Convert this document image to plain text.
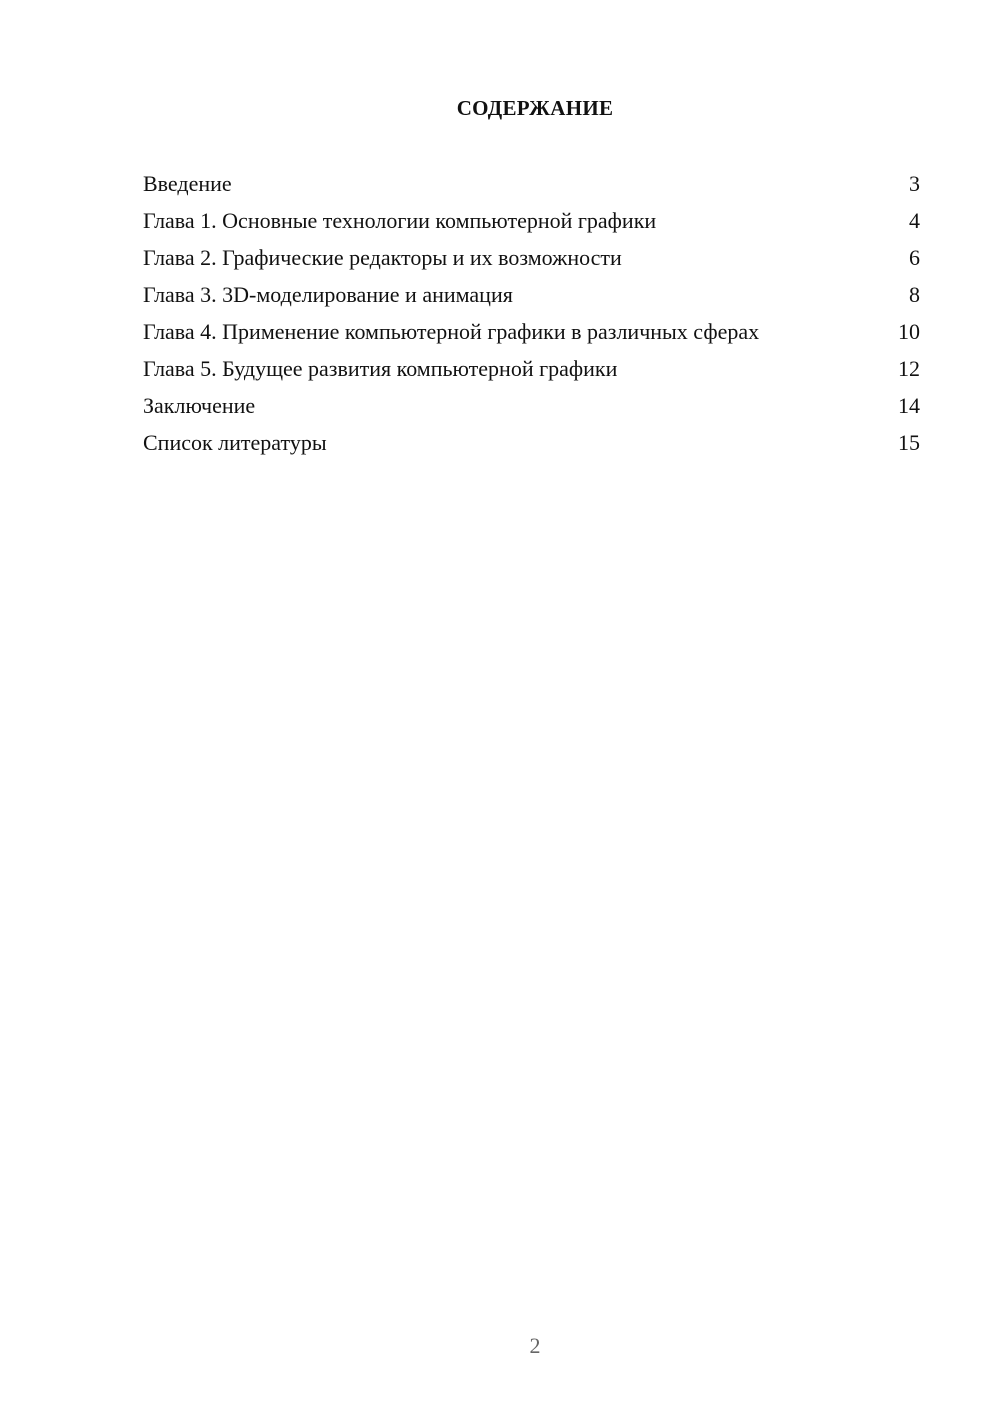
СОДЕРЖАНИЕ
Введение	3
Глава 1. Основные технологии компьютерной графики	4
Глава 2. Графические редакторы и их возможности	6
Глава 3. 3D-моделирование и анимация	8
Глава 4. Применение компьютерной графики в различных сферах	10
Глава 5. Будущее развития компьютерной графики	12
Заключение	14
Список литературы	15
2
